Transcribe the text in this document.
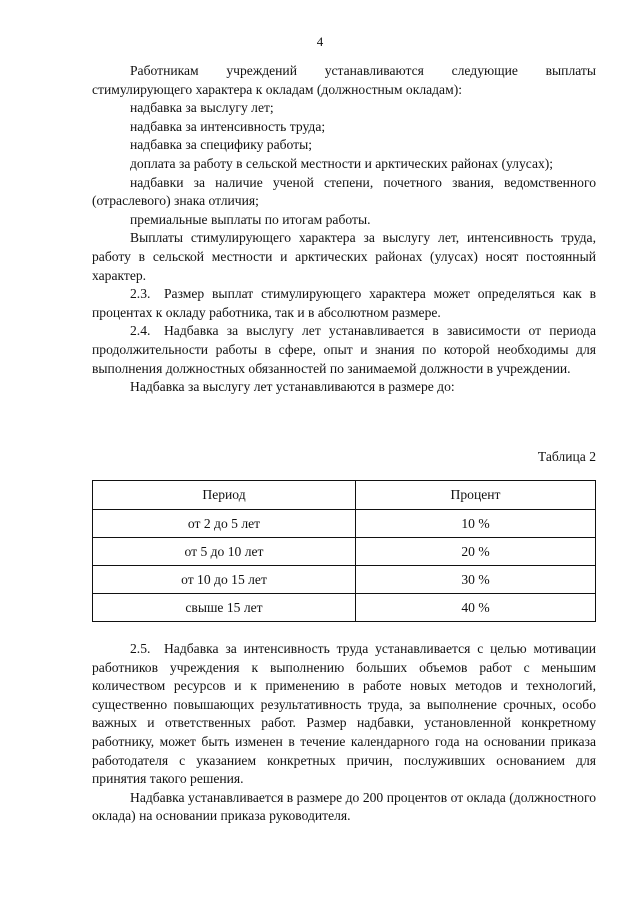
4

Работникам учреждений устанавливаются следующие выплаты стимулирующего характера к окладам (должностным окладам):

надбавка за выслугу лет;

надбавка за интенсивность труда;

надбавка за специфику работы;

доплата за работу в сельской местности и арктических районах (улусах);

надбавки за наличие ученой степени, почетного звания, ведомственного (отраслевого) знака отличия;

премиальные выплаты по итогам работы.

Выплаты стимулирующего характера за выслугу лет, интенсивность труда, работу в сельской местности и арктических районах (улусах) носят постоянный характер.

2.3. Размер выплат стимулирующего характера может определяться как в процентах к окладу работника, так и в абсолютном размере.

2.4. Надбавка за выслугу лет устанавливается в зависимости от периода продолжительности работы в сфере, опыт и знания по которой необходимы для выполнения должностных обязанностей по занимаемой должности в учреждении.

Надбавка за выслугу лет устанавливаются в размере до:

Таблица 2
Период	Процент
от 2 до 5 лет	10 %
от 5 до 10 лет	20 %
от 10 до 15 лет	30 %
свыше 15 лет	40 %

2.5. Надбавка за интенсивность труда устанавливается с целью мотивации работников учреждения к выполнению больших объемов работ с меньшим количеством ресурсов и к применению в работе новых методов и технологий, существенно повышающих результативность труда, за выполнение срочных, особо важных и ответственных работ. Размер надбавки, установленной конкретному работнику, может быть изменен в течение календарного года на основании приказа работодателя с указанием конкретных причин, послуживших основанием для принятия такого решения.

Надбавка устанавливается в размере до 200 процентов от оклада (должностного оклада) на основании приказа руководителя.
